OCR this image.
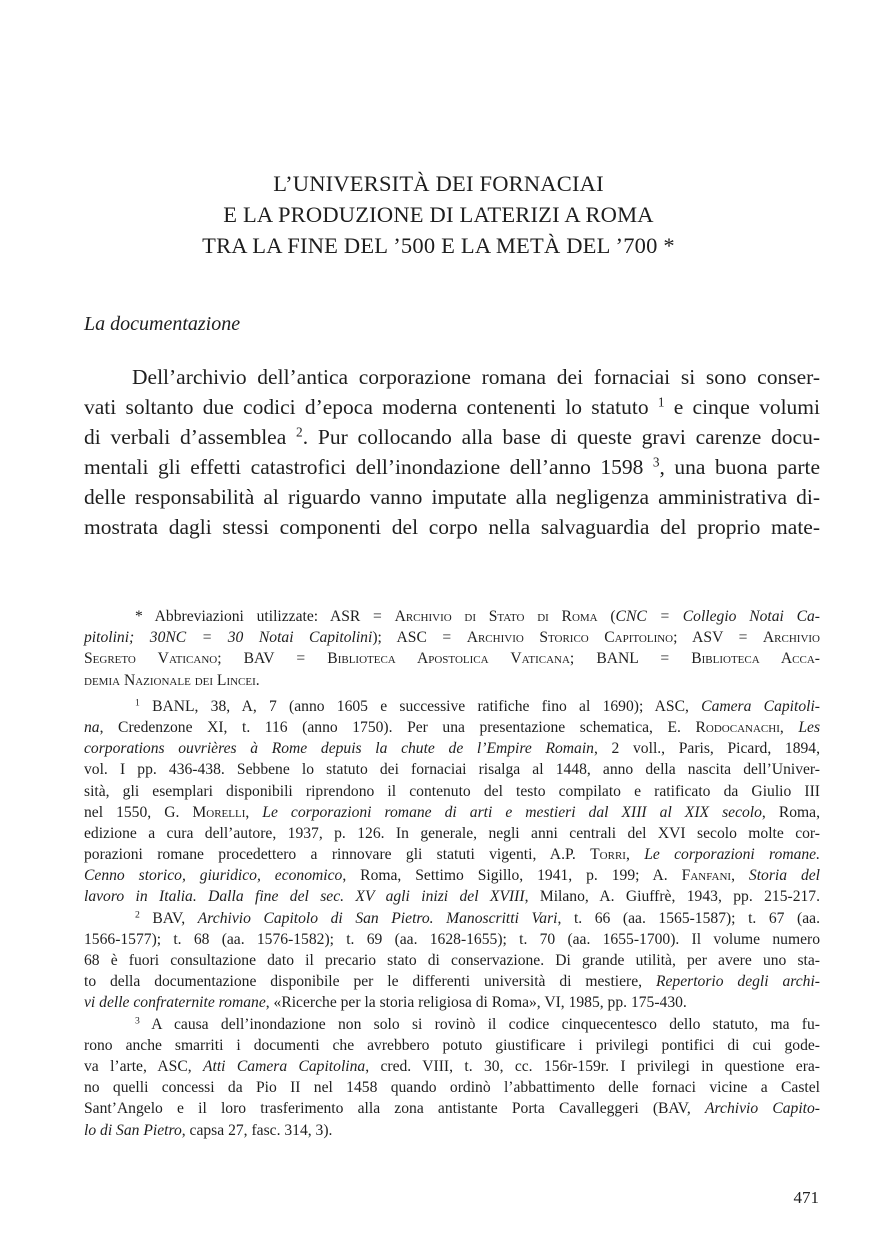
L’UNIVERSITÀ DEI FORNACIAI
E LA PRODUZIONE DI LATERIZI A ROMA
TRA LA FINE DEL ’500 E LA METÀ DEL ’700 *
La documentazione
Dell’archivio dell’antica corporazione romana dei fornaciai si sono conser-
vati soltanto due codici d’epoca moderna contenenti lo statuto $^1$ e cinque volumi
di verbali d’assemblea $^2$. Pur collocando alla base di queste gravi carenze docu-
mentali gli effetti catastrofici dell’inondazione dell’anno 1598 $^3$, una buona parte
delle responsabilità al riguardo vanno imputate alla negligenza amministrativa di-
mostrata dagli stessi componenti del corpo nella salvaguardia del proprio mate-
* Abbreviazioni utilizzate: ASR = Archivio di Stato di Roma (CNC = Collegio Notai Ca-
pitolini; 30NC = 30 Notai Capitolini); ASC = Archivio Storico Capitolino; ASV = Archivio
Segreto Vaticano; BAV = Biblioteca Apostolica Vaticana; BANL = Biblioteca Acca-
demia Nazionale dei Lincei.
$^1$ BANL, 38, A, 7 (anno 1605 e successive ratifiche fino al 1690); ASC, Camera Capitoli-
na, Credenzone XI, t. 116 (anno 1750). Per una presentazione schematica, E. Rodocanachi, Les
corporations ouvrières à Rome depuis la chute de l’Empire Romain, 2 voll., Paris, Picard, 1894,
vol. I pp. 436-438. Sebbene lo statuto dei fornaciai risalga al 1448, anno della nascita dell’Univer-
sità, gli esemplari disponibili riprendono il contenuto del testo compilato e ratificato da Giulio III
nel 1550, G. Morelli, Le corporazioni romane di arti e mestieri dal XIII al XIX secolo, Roma,
edizione a cura dell’autore, 1937, p. 126. In generale, negli anni centrali del XVI secolo molte cor-
porazioni romane procedettero a rinnovare gli statuti vigenti, A.P. Torri, Le corporazioni romane.
Cenno storico, giuridico, economico, Roma, Settimo Sigillo, 1941, p. 199; A. Fanfani, Storia del
lavoro in Italia. Dalla fine del sec. XV agli inizi del XVIII, Milano, A. Giuffrè, 1943, pp. 215-217.
$^2$ BAV, Archivio Capitolo di San Pietro. Manoscritti Vari, t. 66 (aa. 1565-1587); t. 67 (aa.
1566-1577); t. 68 (aa. 1576-1582); t. 69 (aa. 1628-1655); t. 70 (aa. 1655-1700). Il volume numero
68 è fuori consultazione dato il precario stato di conservazione. Di grande utilità, per avere uno sta-
to della documentazione disponibile per le differenti università di mestiere, Repertorio degli archi-
vi delle confraternite romane, «Ricerche per la storia religiosa di Roma», VI, 1985, pp. 175-430.
$^3$ A causa dell’inondazione non solo si rovinò il codice cinquecentesco dello statuto, ma fu-
rono anche smarriti i documenti che avrebbero potuto giustificare i privilegi pontifici di cui gode-
va l’arte, ASC, Atti Camera Capitolina, cred. VIII, t. 30, cc. 156r-159r. I privilegi in questione era-
no quelli concessi da Pio II nel 1458 quando ordinò l’abbattimento delle fornaci vicine a Castel
Sant’Angelo e il loro trasferimento alla zona antistante Porta Cavalleggeri (BAV, Archivio Capito-
lo di San Pietro, capsa 27, fasc. 314, 3).
471
